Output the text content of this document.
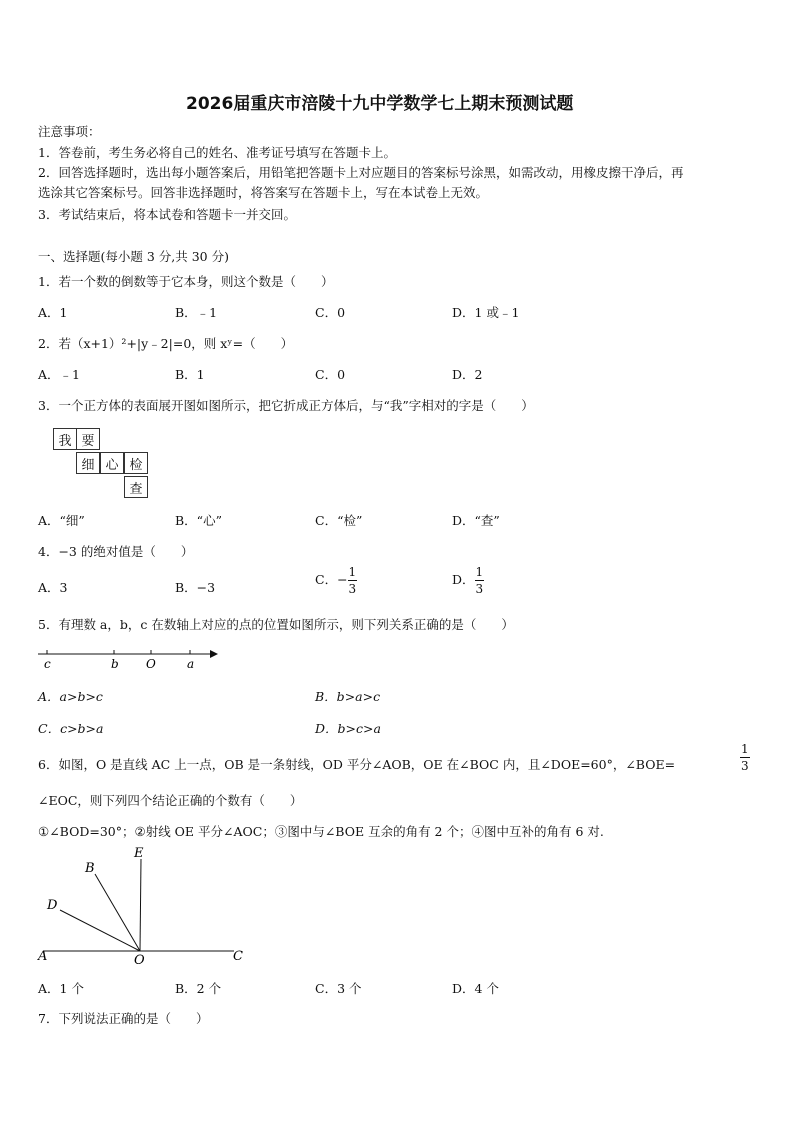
2026届重庆市涪陵十九中学数学七上期末预测试题
注意事项：
1．答卷前，考生务必将自己的姓名、准考证号填写在答题卡上。
2．回答选择题时，选出每小题答案后，用铅笔把答题卡上对应题目的答案标号涂黑，如需改动，用橡皮擦干净后，再
选涂其它答案标号。回答非选择题时，将答案写在答题卡上，写在本试卷上无效。
3．考试结束后，将本试卷和答题卡一并交回。
一、选择题(每小题 3 分,共 30 分)
1．若一个数的倒数等于它本身，则这个数是（　　）
A．1	B．﹣1	C．0	D．1 或﹣1
2．若（x+1）²+|y﹣2|=0，则 xʸ=（　　）
A．﹣1	B．1	C．0	D．2
3．一个正方体的表面展开图如图所示，把它折成正方体后，与“我”字相对的字是（　　）
我 要
细 心 检
查
A．“细”	B．“心”	C．“检”	D．“查”
4．−3 的绝对值是（　　）
A．3	B．−3
C．− $\frac{1}{3}$	D． $\frac{1}{3}$
5．有理数 a，b，c 在数轴上对应的点的位置如图所示，则下列关系正确的是（　　）
c	b O	a
A．a>b>c	B．b>a>c
C．c>b>a	D．b>c>a
6．如图，O 是直线 AC 上一点，OB 是一条射线，OD 平分∠AOB，OE 在∠BOC 内，且∠DOE=60°，∠BOE=	$\frac{1}{3}$
∠EOC，则下列四个结论正确的个数有（　　）
①∠BOD=30°；②射线 OE 平分∠AOC；③图中与∠BOE 互余的角有 2 个；④图中互补的角有 6 对.
E
B
D
A	O	C
A．1 个	B．2 个	C．3 个	D．4 个
7．下列说法正确的是（　　）
